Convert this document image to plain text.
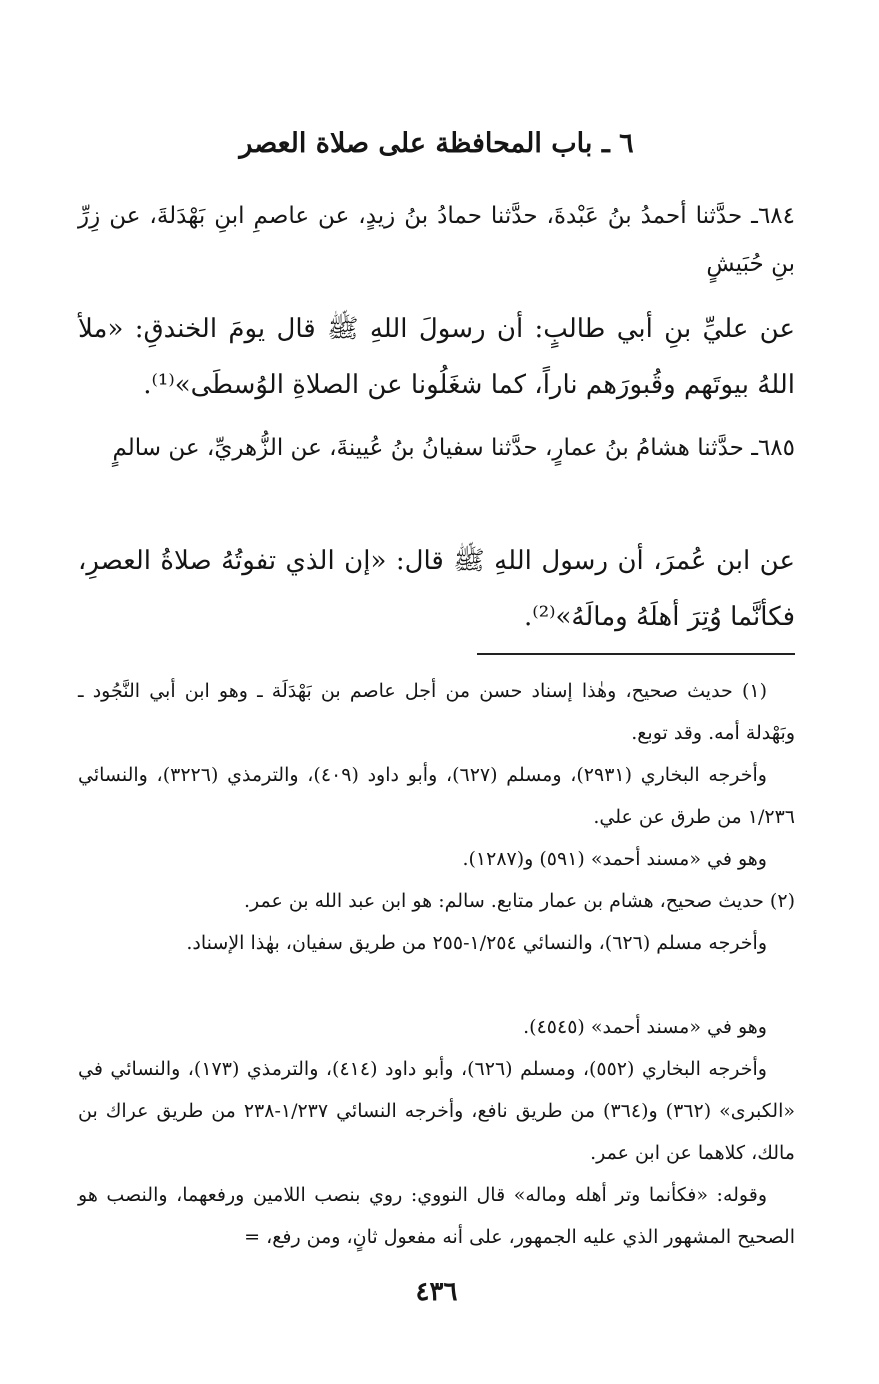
٦ ـ باب المحافظة على صلاة العصر

٦٨٤ـ حدَّثنا أحمدُ بنُ عَبْدةَ، حدَّثنا حمادُ بنُ زيدٍ، عن عاصمِ ابنِ بَهْدَلةَ، عن زِرِّ بنِ حُبَيشٍ

عن عليِّ بنِ أبي طالبٍ: أن رسولَ اللهِ ﷺ قال يومَ الخندقِ: «ملأ اللهُ بيوتَهم وقُبورَهم ناراً، كما شغَلُونا عن الصلاةِ الوُسطَى»⁽¹⁾.

٦٨٥ـ حدَّثنا هشامُ بنُ عمارٍ، حدَّثنا سفيانُ بنُ عُيينةَ، عن الزُّهريِّ، عن سالمٍ

عن ابن عُمرَ، أن رسول اللهِ ﷺ قال: «إن الذي تفوتُهُ صلاةُ العصرِ، فكأنَّما وُتِرَ أهلَهُ ومالَهُ»⁽²⁾.

(١) حديث صحيح، وهٰذا إسناد حسن من أجل عاصم بن بَهْدَلَة ـ وهو ابن أبي النَّجُود ـ وبَهْدلة أمه. وقد توبع.

وأخرجه البخاري (٢٩٣١)، ومسلم (٦٢٧)، وأبو داود (٤٠٩)، والترمذي (٣٢٢٦)، والنسائي ١/٢٣٦ من طرق عن علي.

وهو في «مسند أحمد» (٥٩١) و(١٢٨٧).

(٢) حديث صحيح، هشام بن عمار متابع. سالم: هو ابن عبد الله بن عمر.

وأخرجه مسلم (٦٢٦)، والنسائي ١/٢٥٤-٢٥٥ من طريق سفيان، بهٰذا الإسناد.

وهو في «مسند أحمد» (٤٥٤٥).

وأخرجه البخاري (٥٥٢)، ومسلم (٦٢٦)، وأبو داود (٤١٤)، والترمذي (١٧٣)، والنسائي في «الكبرى» (٣٦٢) و(٣٦٤) من طريق نافع، وأخرجه النسائي ١/٢٣٧-٢٣٨ من طريق عراك بن مالك، كلاهما عن ابن عمر.

وقوله: «فكأنما وتر أهله وماله» قال النووي: روي بنصب اللامين ورفعهما، والنصب هو الصحيح المشهور الذي عليه الجمهور، على أنه مفعول ثانٍ، ومن رفع، =

٤٣٦
